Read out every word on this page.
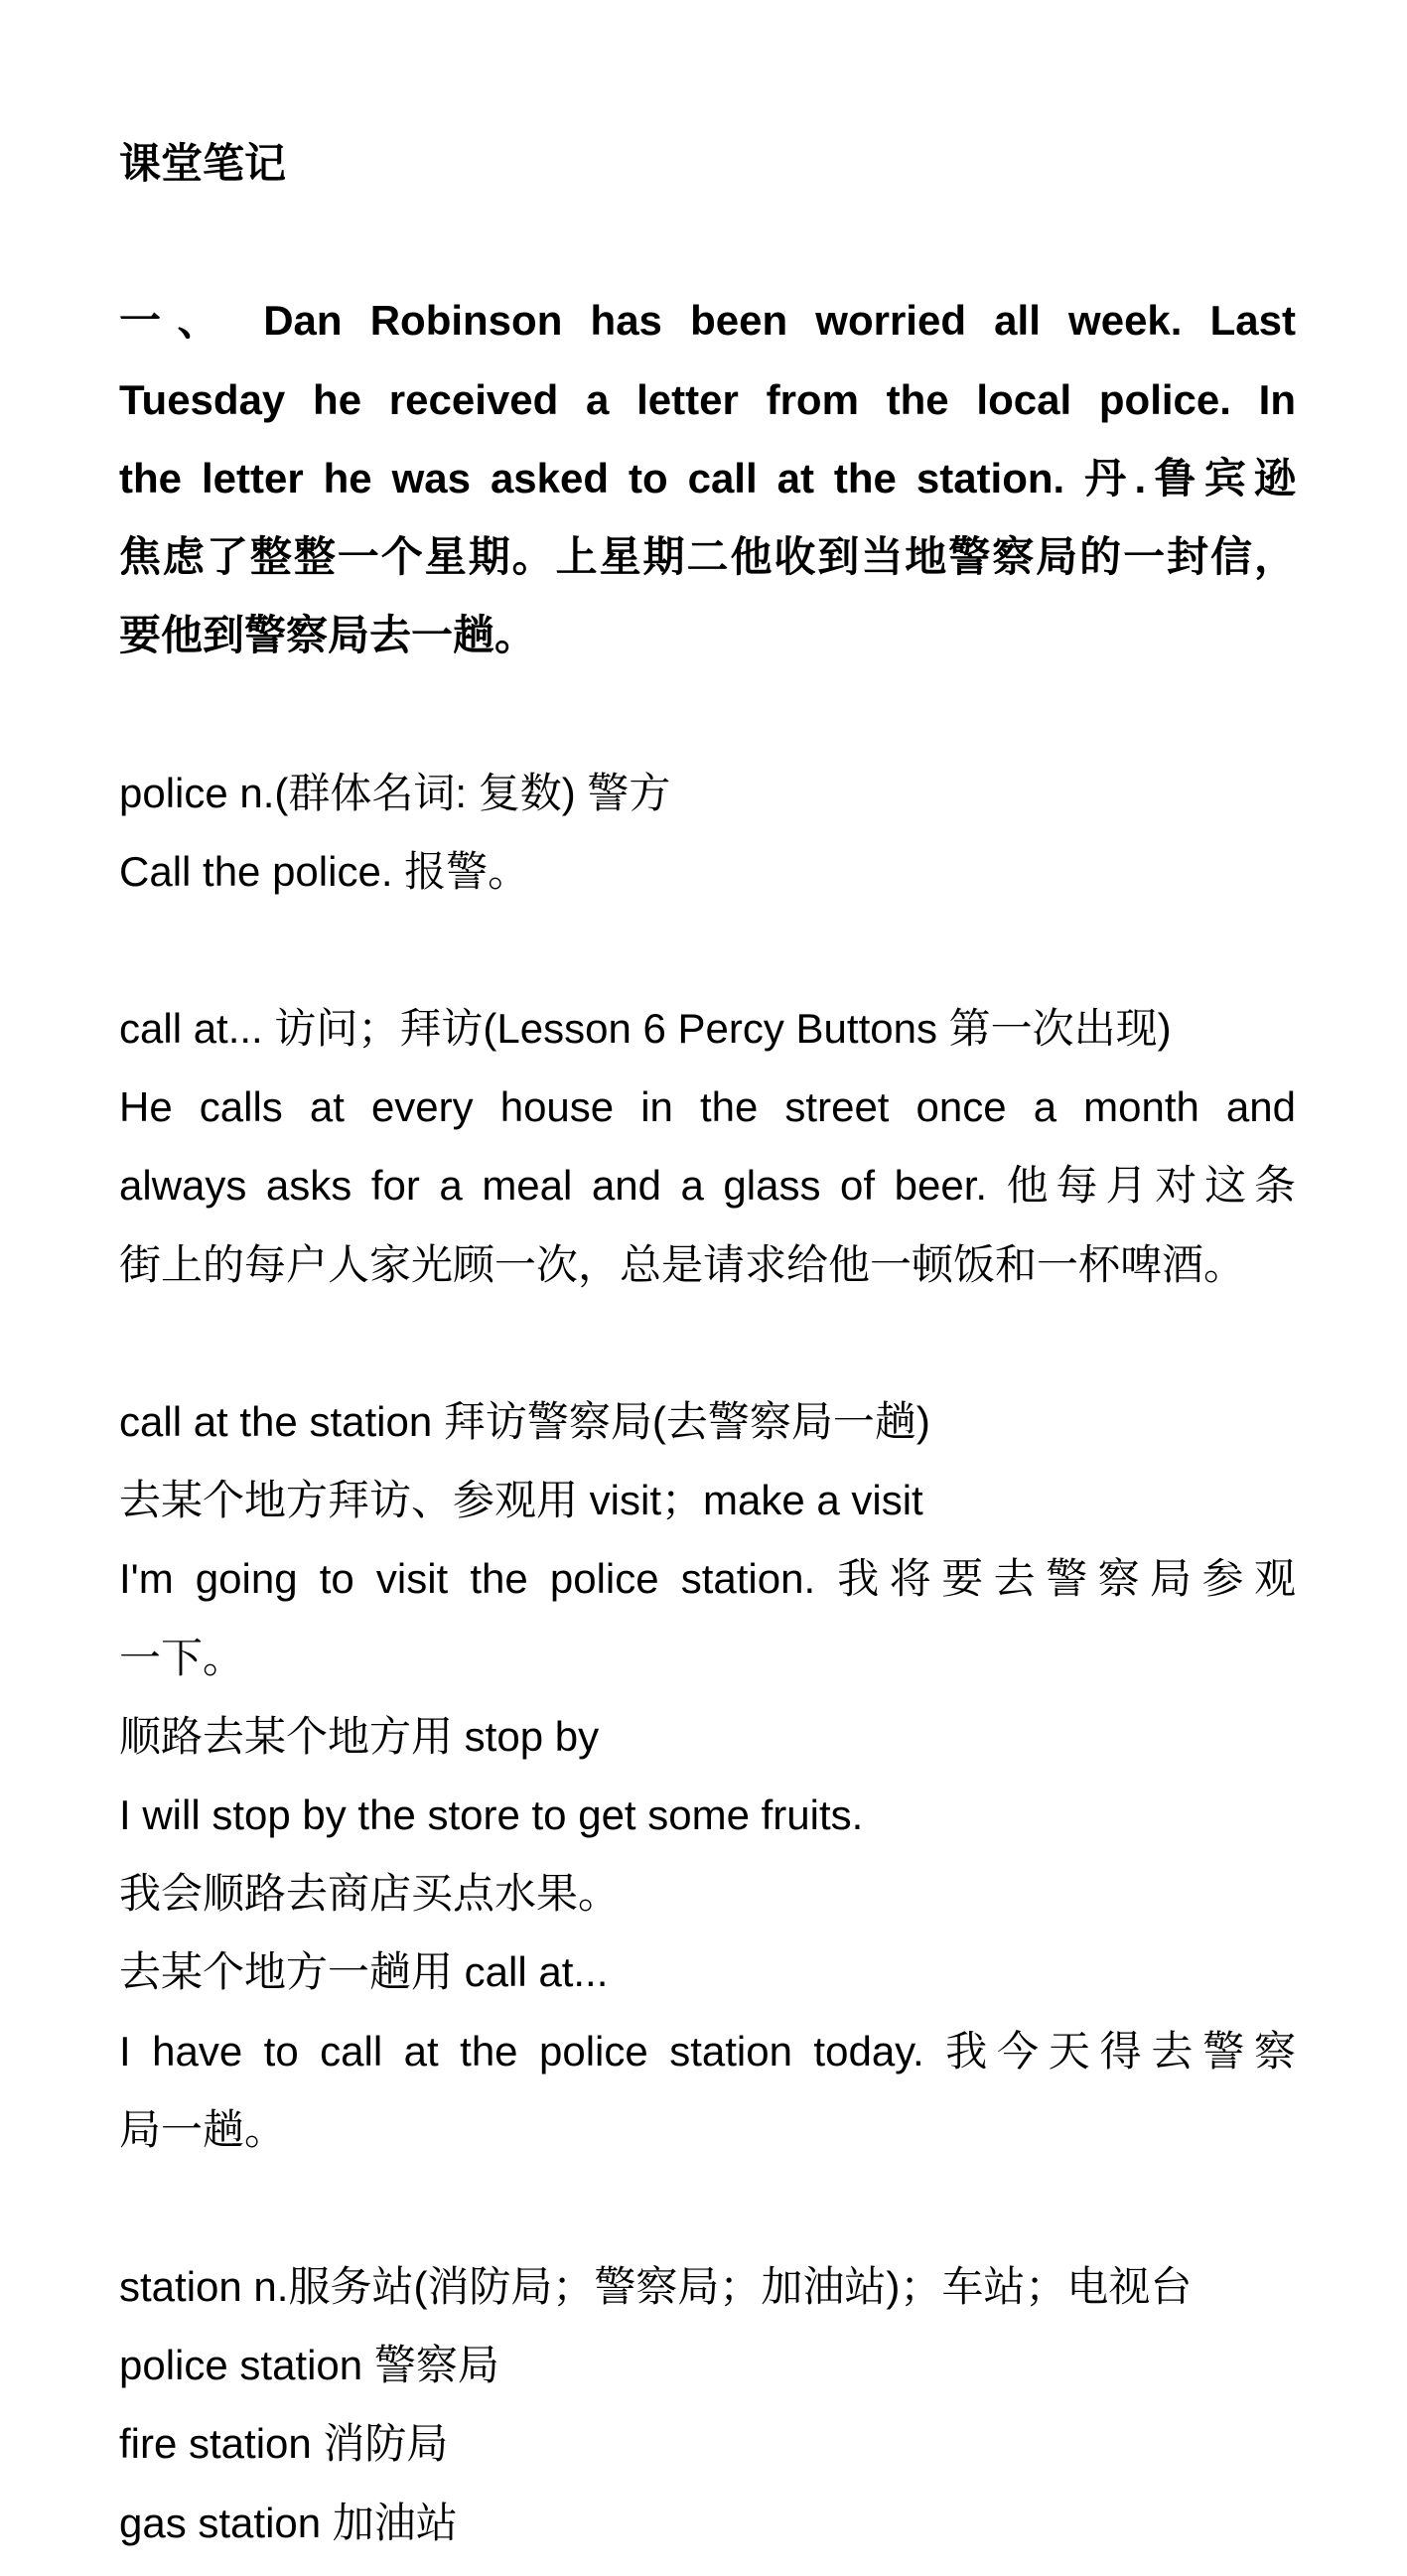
课堂笔记
一、 Dan Robinson has been worried all week. Last
Tuesday he received a letter from the local police. In
the letter he was asked to call at the station. 丹.鲁宾逊
焦虑了整整一个星期。上星期二他收到当地警察局的一封信，
要他到警察局去一趟。
police n.(群体名词: 复数) 警方
Call the police. 报警。
call at... 访问；拜访(Lesson 6 Percy Buttons 第一次出现)
He calls at every house in the street once a month and
always asks for a meal and a glass of beer. 他每月对这条
街上的每户人家光顾一次，总是请求给他一顿饭和一杯啤酒。
call at the station 拜访警察局(去警察局一趟)
去某个地方拜访、参观用 visit；make a visit
I'm going to visit the police station. 我将要去警察局参观
一下。
顺路去某个地方用 stop by
I will stop by the store to get some fruits.
我会顺路去商店买点水果。
去某个地方一趟用 call at...
I have to call at the police station today. 我今天得去警察
局一趟。
station n.服务站(消防局；警察局；加油站)；车站；电视台
police station 警察局
fire station 消防局
gas station 加油站
